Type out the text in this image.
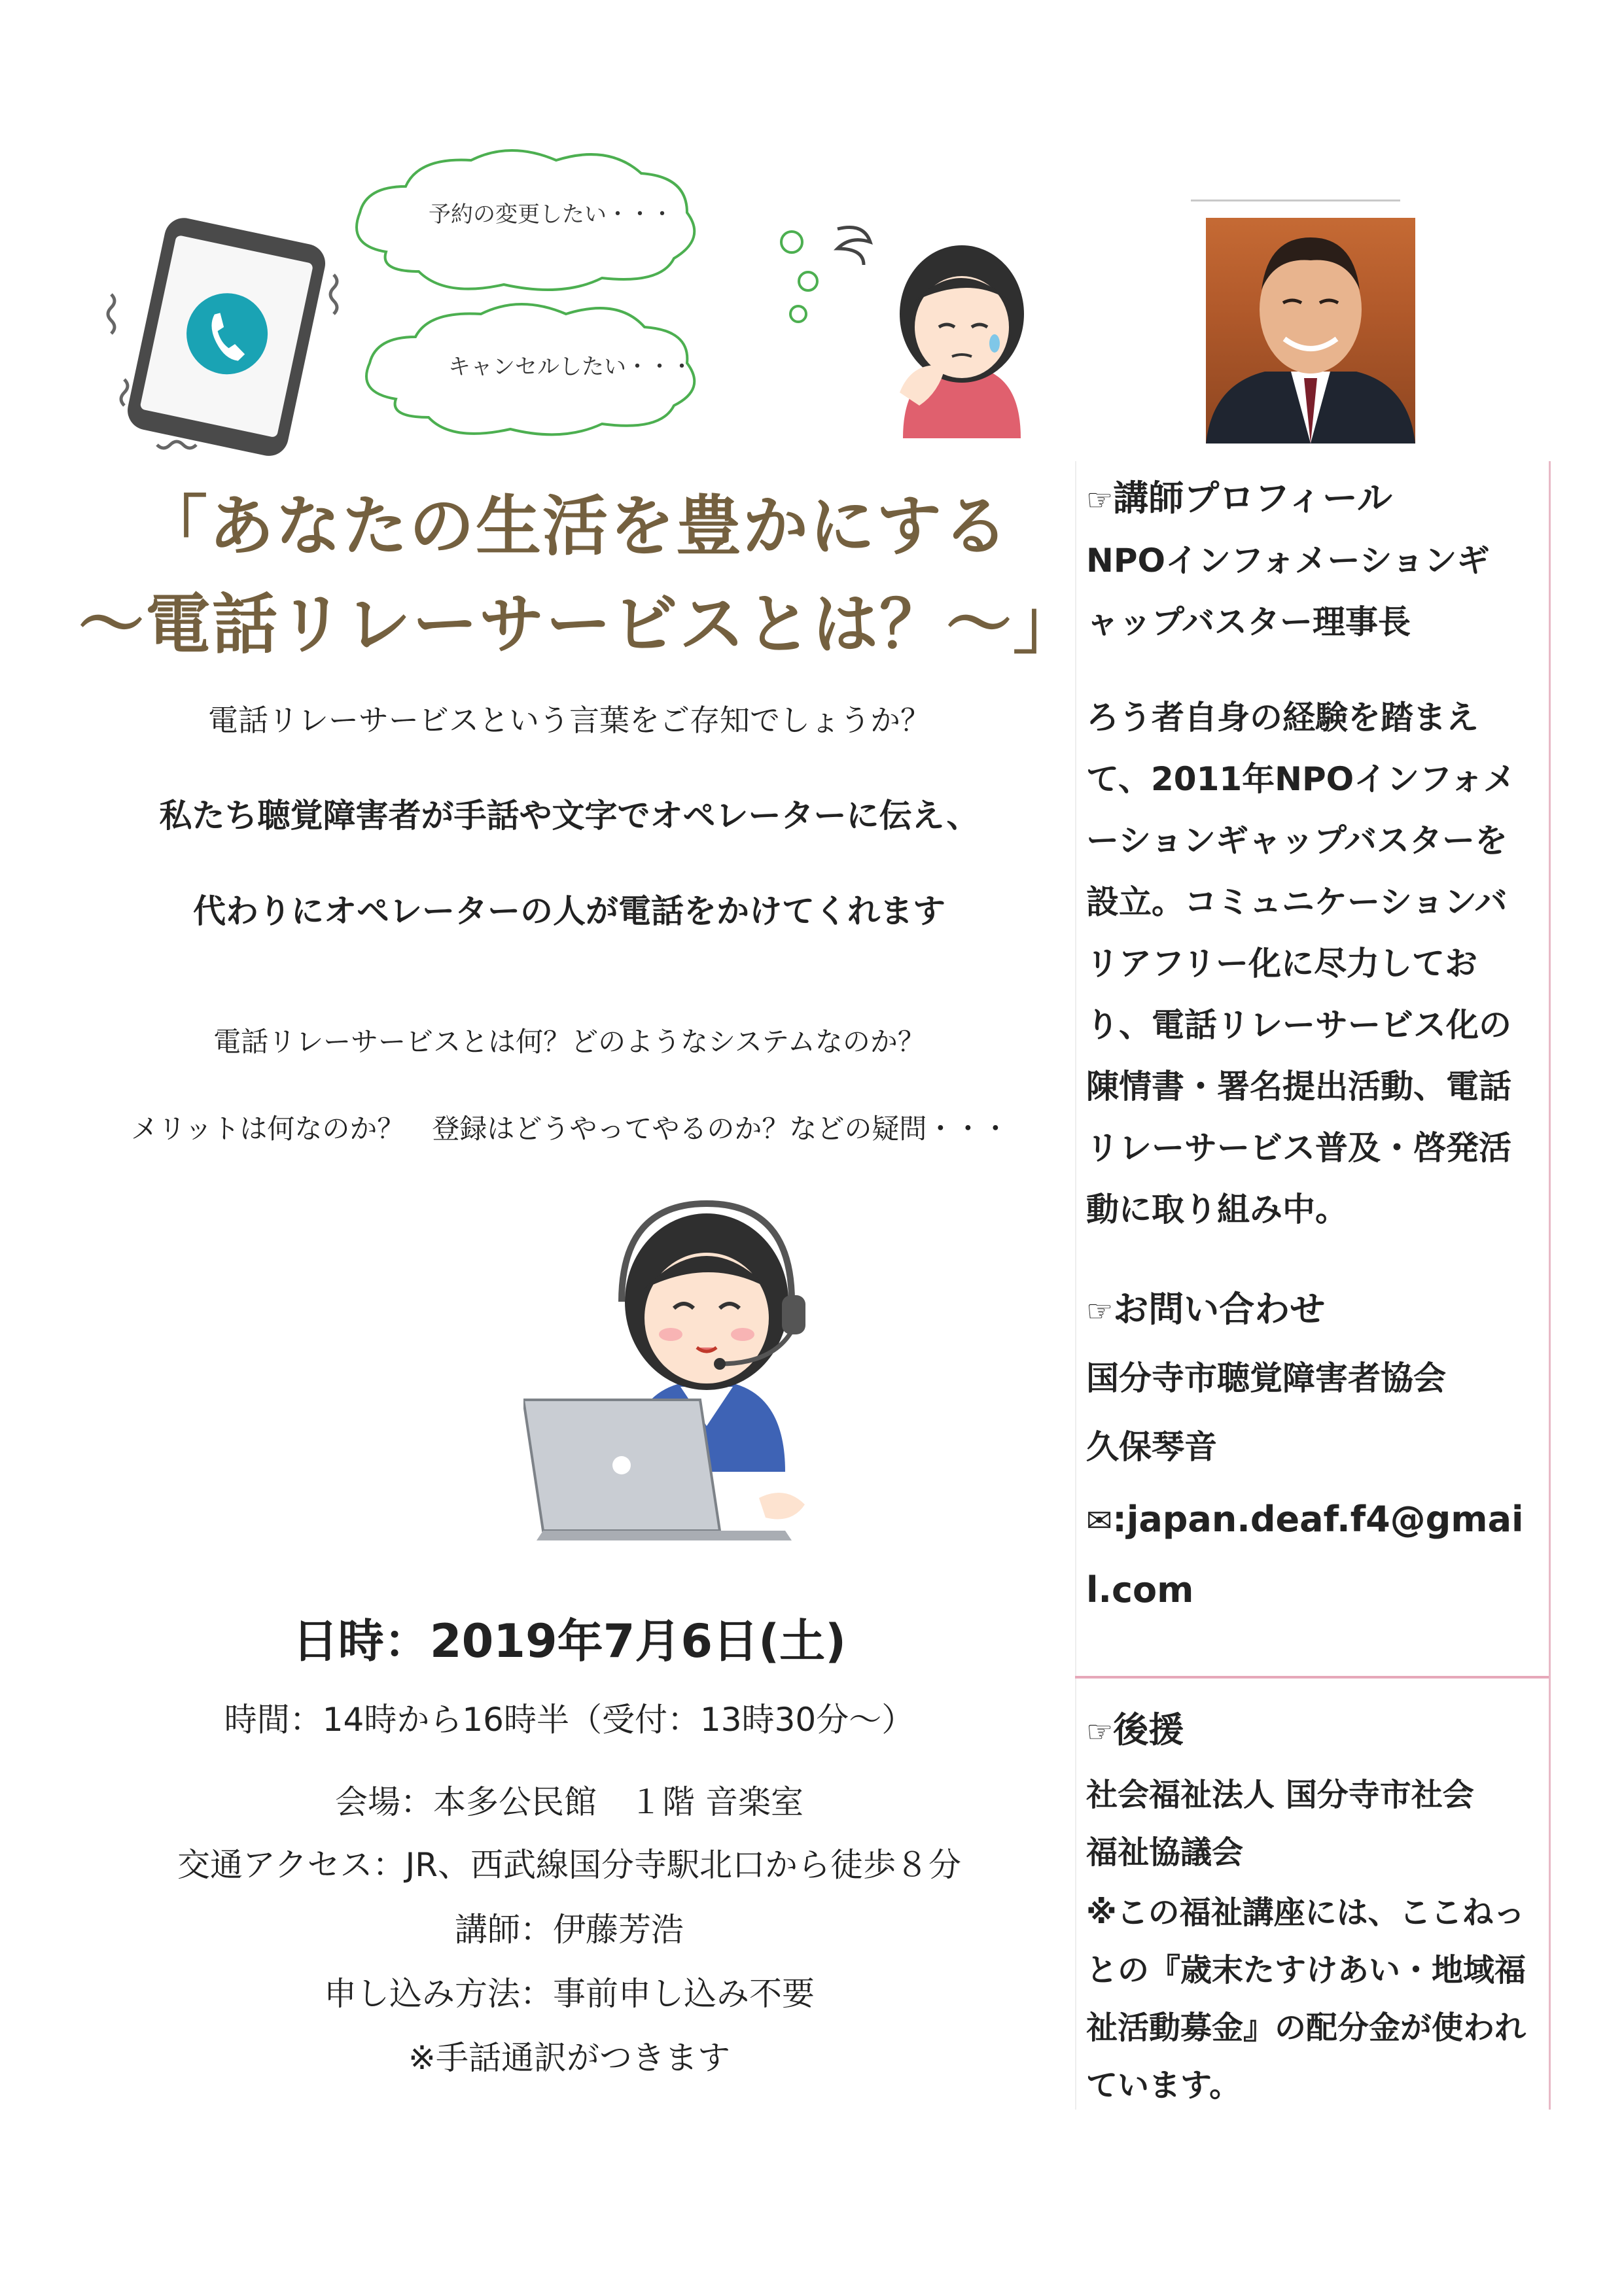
予約の変更したい・・・
キャンセルしたい・・・
「あなたの生活を豊かにする
～電話リレーサービスとは？～」
電話リレーサービスという言葉をご存知でしょうか？
私たち聴覚障害者が手話や文字でオペレーターに伝え、
代わりにオペレーターの人が電話をかけてくれます
電話リレーサービスとは何？どのようなシステムなのか？
メリットは何なのか？　登録はどうやってやるのか？などの疑問・・・
日時：2019年7月6日(土)
時間：14時から16時半（受付：13時30分～）
会場：本多公民館　１階 音楽室
交通アクセス：JR、西武線国分寺駅北口から徒歩８分
講師：伊藤芳浩
申し込み方法：事前申し込み不要
※手話通訳がつきます
☞講師プロフィール
NPOインフォメーションギャップバスター理事長
ろう者自身の経験を踏まえて、2011年NPOインフォメーションギャップバスターを設立。コミュニケーションバリアフリー化に尽力しており、電話リレーサービス化の陳情書・署名提出活動、電話リレーサービス普及・啓発活動に取り組み中。
☞お問い合わせ
国分寺市聴覚障害者協会
久保琴音
✉:japan.deaf.f4@gmail.com
☞後援
社会福祉法人 国分寺市社会福祉協議会
※この福祉講座には、ここねっとの『歳末たすけあい・地域福祉活動募金』の配分金が使われています。
